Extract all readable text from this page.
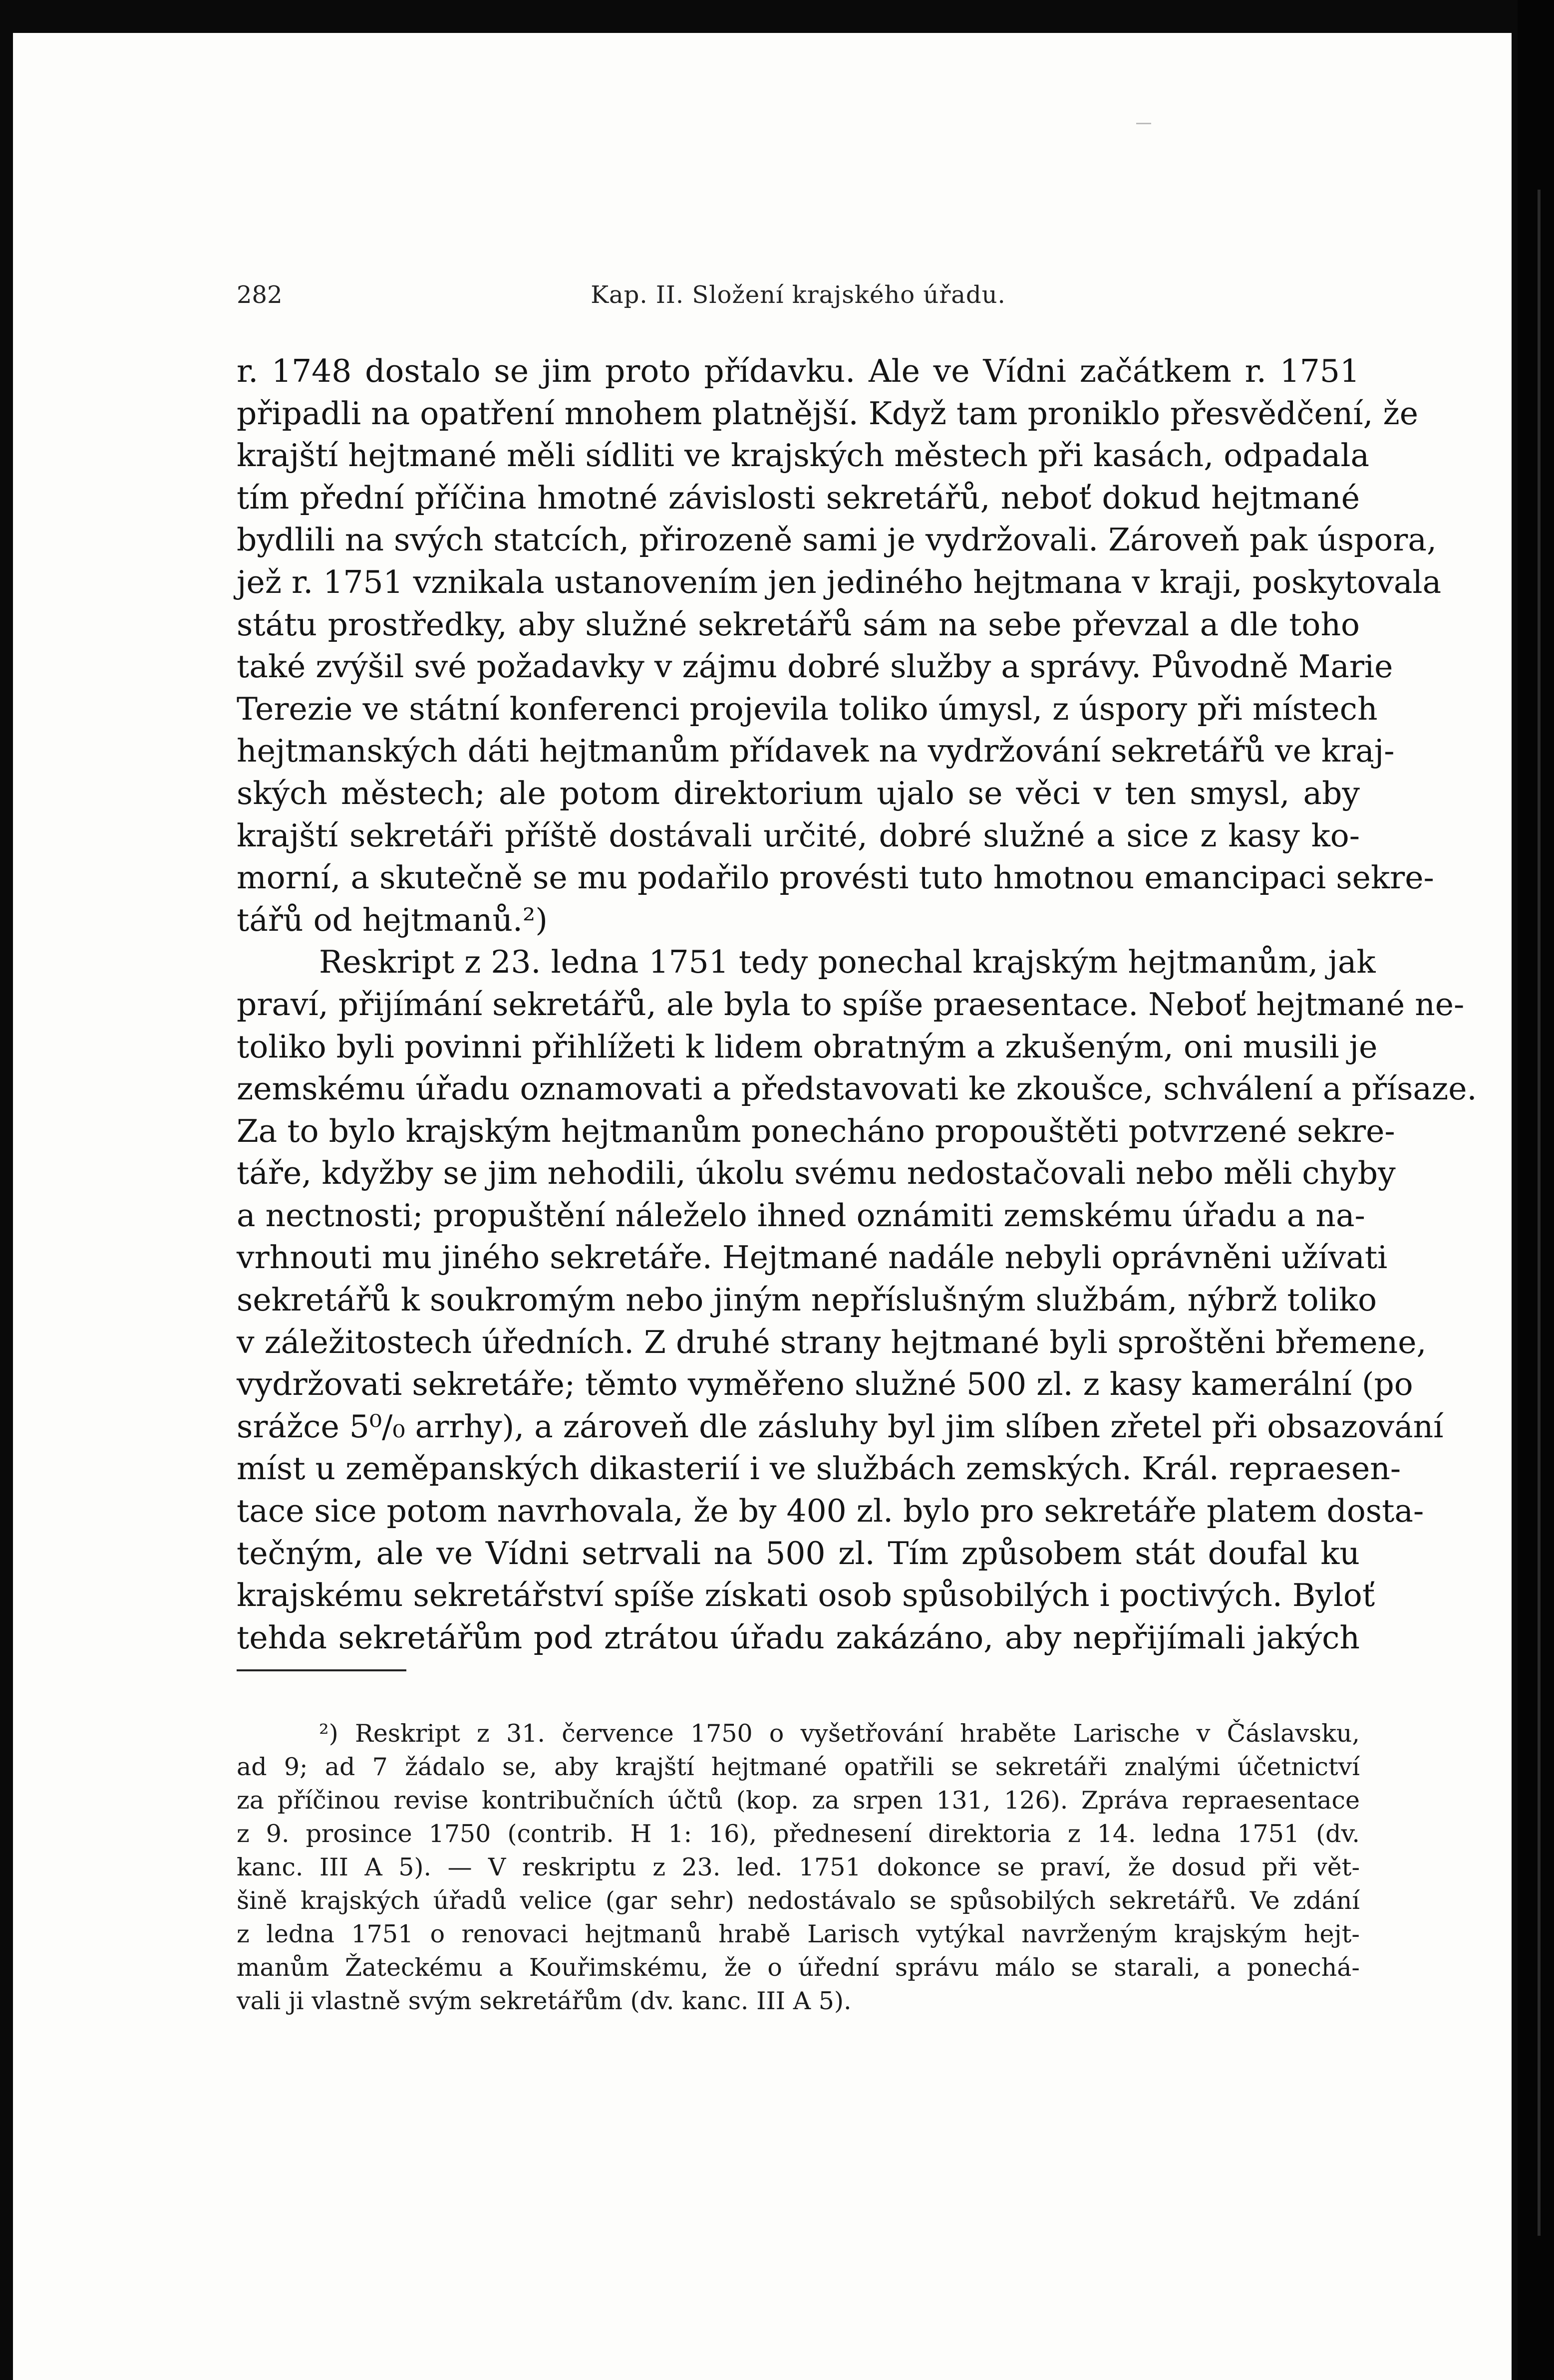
282	Kap. II. Složení krajského úřadu.
r. 1748 dostalo se jim proto přídavku. Ale ve Vídni začátkem r. 1751
připadli na opatření mnohem platnější. Když tam proniklo přesvědčení, že
krajští hejtmané měli sídliti ve krajských městech při kasách, odpadala
tím přední příčina hmotné závislosti sekretářů, neboť dokud hejtmané
bydlili na svých statcích, přirozeně sami je vydržovali. Zároveň pak úspora,
jež r. 1751 vznikala ustanovením jen jediného hejtmana v kraji, poskytovala
státu prostředky, aby služné sekretářů sám na sebe převzal a dle toho
také zvýšil své požadavky v zájmu dobré služby a správy. Původně Marie
Terezie ve státní konferenci projevila toliko úmysl, z úspory při místech
hejtmanských dáti hejtmanům přídavek na vydržování sekretářů ve kraj-
ských městech; ale potom direktorium ujalo se věci v ten smysl, aby
krajští sekretáři příště dostávali určité, dobré služné a sice z kasy ko-
morní, a skutečně se mu podařilo provésti tuto hmotnou emancipaci sekre-
tářů od hejtmanů.²)
Reskript z 23. ledna 1751 tedy ponechal krajským hejtmanům, jak
praví, přijímání sekretářů, ale byla to spíše praesentace. Neboť hejtmané ne-
toliko byli povinni přihlížeti k lidem obratným a zkušeným, oni musili je
zemskému úřadu oznamovati a představovati ke zkoušce, schválení a přísaze.
Za to bylo krajským hejtmanům ponecháno propouštěti potvrzené sekre-
táře, kdyžby se jim nehodili, úkolu svému nedostačovali nebo měli chyby
a nectnosti; propuštění náleželo ihned oznámiti zemskému úřadu a na-
vrhnouti mu jiného sekretáře. Hejtmané nadále nebyli oprávněni užívati
sekretářů k soukromým nebo jiným nepříslušným službám, nýbrž toliko
v záležitostech úředních. Z druhé strany hejtmané byli sproštěni břemene,
vydržovati sekretáře; těmto vyměřeno služné 500 zl. z kasy kamerální (po
srážce 5⁰/₀ arrhy), a zároveň dle zásluhy byl jim slíben zřetel při obsazování
míst u zeměpanských dikasterií i ve službách zemských. Král. repraesen-
tace sice potom navrhovala, že by 400 zl. bylo pro sekretáře platem dosta-
tečným, ale ve Vídni setrvali na 500 zl. Tím způsobem stát doufal ku
krajskému sekretářství spíše získati osob spůsobilých i poctivých. Byloť
tehda sekretářům pod ztrátou úřadu zakázáno, aby nepřijímali jakých
²) Reskript z 31. července 1750 o vyšetřování hraběte Larische v Čáslavsku,
ad 9; ad 7 žádalo se, aby krajští hejtmané opatřili se sekretáři znalými účetnictví
za příčinou revise kontribučních účtů (kop. za srpen 131, 126). Zpráva repraesentace
z 9. prosince 1750 (contrib. H 1: 16), přednesení direktoria z 14. ledna 1751 (dv.
kanc. III A 5). — V reskriptu z 23. led. 1751 dokonce se praví, že dosud při vět-
šině krajských úřadů velice (gar sehr) nedostávalo se spůsobilých sekretářů. Ve zdání
z ledna 1751 o renovaci hejtmanů hrabě Larisch vytýkal navrženým krajským hejt-
manům Žateckému a Kouřimskému, že o úřední správu málo se starali, a ponechá-
vali ji vlastně svým sekretářům (dv. kanc. III A 5).
